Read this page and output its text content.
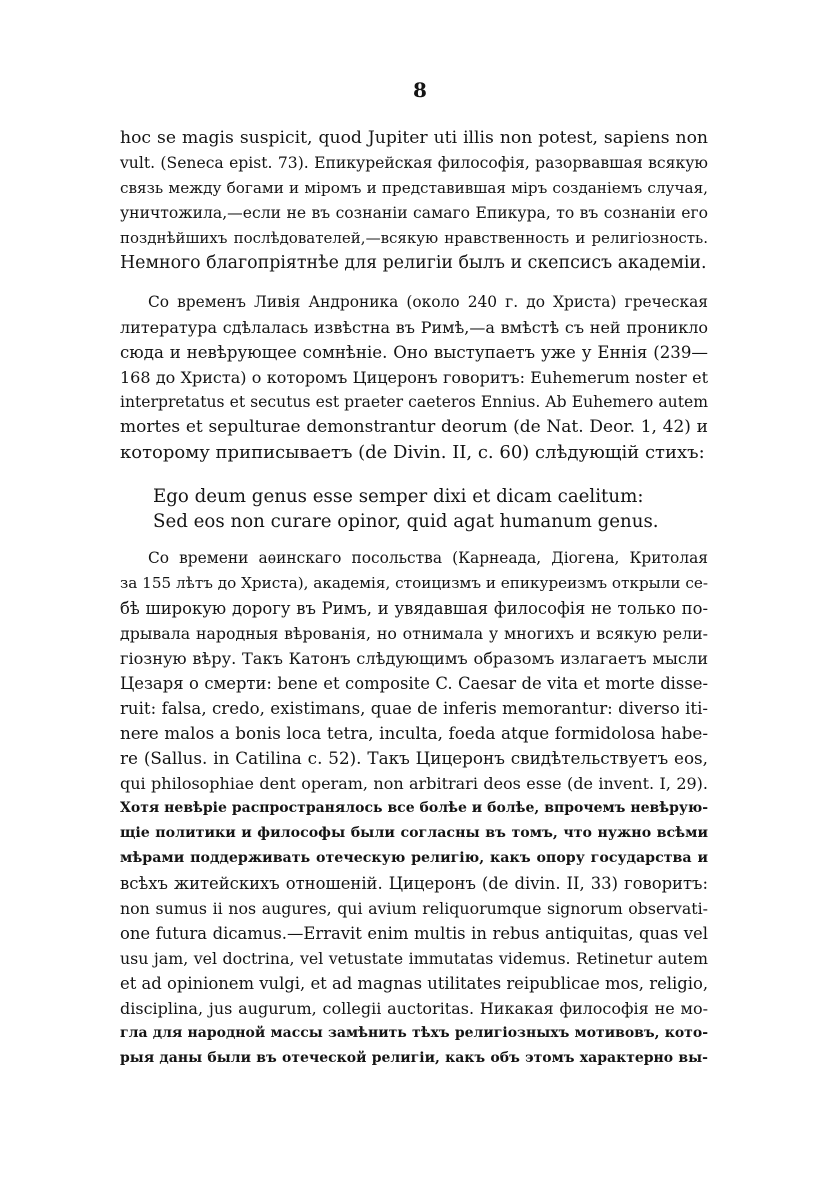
8
hoc se magis suspicit, quod Jupiter uti illis non potest, sapiens non
vult. (Seneca epist. 73). Епикурейская философія, разорвавшая всякую
связь между богами и міромъ и представившая міръ созданіемъ случая,
уничтожила,—если не въ сознаніи самаго Епикура, то въ сознаніи его
позднѣйшихъ послѣдователей,—всякую нравственность и религіозность.
Немного благопріятнѣе для религіи былъ и скепсисъ академіи.
Со временъ Ливія Андроника (около 240 г. до Христа) греческая
литература сдѣлалась извѣстна въ Римѣ,—а вмѣстѣ съ ней проникло
сюда и невѣрующее сомнѣніе. Оно выступаетъ уже у Еннія (239—
168 до Христа) о которомъ Цицеронъ говоритъ: Euhemerum noster et
interpretatus et secutus est praeter caeteros Ennius. Ab Euhemero autem
mortes et sepulturae demonstrantur deorum (de Nat. Deor. 1, 42) и
которому приписываетъ (de Divin. II, c. 60) слѣдующій стихъ:
Ego deum genus esse semper dixi et dicam caelitum:
Sed eos non curare opinor, quid agat humanum genus.
Со времени аѳинскаго посольства (Карнеада, Діогена, Критолая
за 155 лѣтъ до Христа), академія, стоицизмъ и епикуреизмъ открыли се-
бѣ широкую дорогу въ Римъ, и увядавшая философія не только по-
дрывала народныя вѣрованія, но отнимала у многихъ и всякую рели-
гіозную вѣру. Такъ Катонъ слѣдующимъ образомъ излагаетъ мысли
Цезаря о смерти: bene et composite C. Caesar de vita et morte disse-
ruit: falsa, credo, existimans, quae de inferis memorantur: diverso iti-
nere malos a bonis loca tetra, inculta, foeda atque formidolosa habe-
re (Sallus. in Catilina c. 52). Такъ Цицеронъ свидѣтельствуетъ eos,
qui philosophiae dent operam, non arbitrari deos esse (de invent. I, 29).
Хотя невѣріе распространялось все болѣе и болѣе, впрочемъ невѣрую-
щіе политики и философы были согласны въ томъ, что нужно всѣми
мѣрами поддерживать отеческую религію, какъ опору государства и
всѣхъ житейскихъ отношеній. Цицеронъ (de divin. II, 33) говоритъ:
non sumus ii nos augures, qui avium reliquorumque signorum observati-
one futura dicamus.—Erravit enim multis in rebus antiquitas, quas vel
usu jam, vel doctrina, vel vetustate immutatas videmus. Retinetur autem
et ad opinionem vulgi, et ad magnas utilitates reipublicae mos, religio,
disciplina, jus augurum, collegii auctoritas. Никакая философія не мо-
гла для народной массы замѣнить тѣхъ религіозныхъ мотивовъ, кото-
рыя даны были въ отеческой религіи, какъ объ этомъ характерно вы-
